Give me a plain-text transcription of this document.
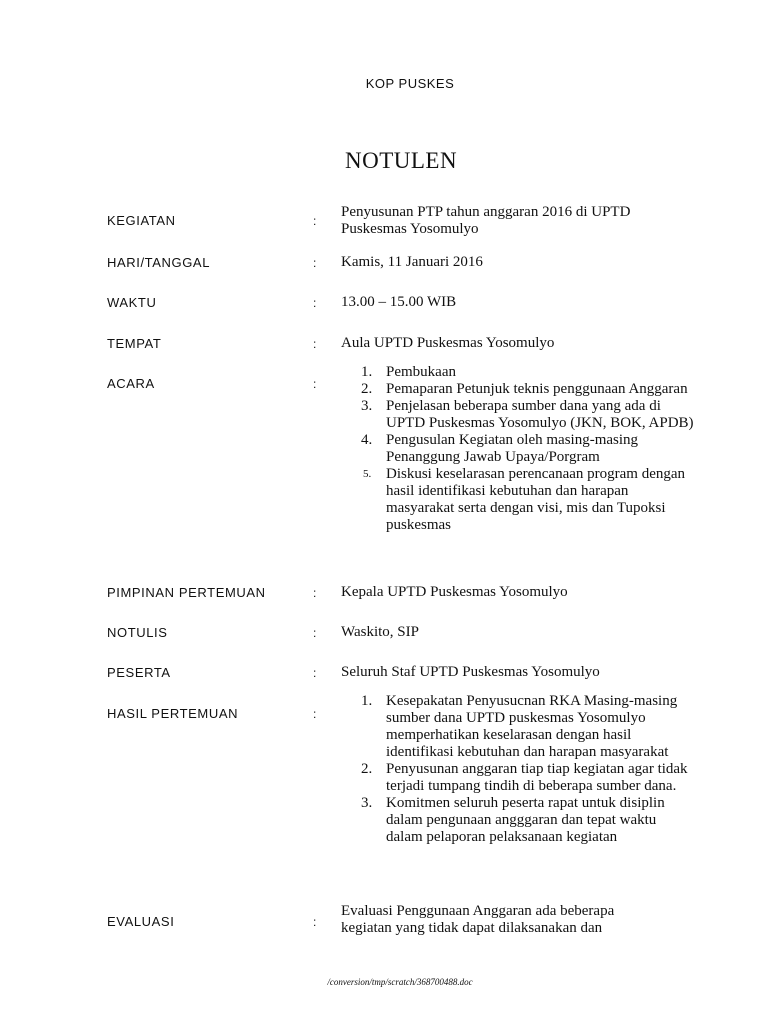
KOP PUSKES
NOTULEN
KEGIATAN	:
Penyusunan PTP tahun anggaran 2016 di UPTD
Puskesmas Yosomulyo
HARI/TANGGAL	: Kamis, 11 Januari 2016
WAKTU	: 13.00 – 15.00 WIB
TEMPAT	: Aula UPTD Puskesmas Yosomulyo
ACARA	:
1. Pembukaan
2. Pemaparan Petunjuk teknis penggunaan Anggaran
3. Penjelasan beberapa sumber dana yang ada di UPTD Puskesmas Yosomulyo (JKN, BOK, APDB)
4. Pengusulan Kegiatan oleh masing-masing Penanggung Jawab Upaya/Porgram
5. Diskusi keselarasan perencanaan program dengan hasil identifikasi kebutuhan dan harapan masyarakat serta dengan visi, mis dan Tupoksi puskesmas
PIMPINAN PERTEMUAN	: Kepala UPTD Puskesmas Yosomulyo
NOTULIS	: Waskito, SIP
PESERTA	: Seluruh Staf UPTD Puskesmas Yosomulyo
HASIL PERTEMUAN	:
1. Kesepakatan Penyusuсnan RKA Masing-masing sumber dana UPTD puskesmas Yosomulyo memperhatikan keselarasan dengan hasil identifikasi kebutuhan dan harapan masyarakat
2. Penyusunan anggaran tiap tiap kegiatan agar tidak terjadi tumpang tindih di beberapa sumber dana.
3. Komitmen seluruh peserta rapat untuk disiplin dalam pengunaan angggaran dan tepat waktu dalam pelaporan pelaksanaan kegiatan
EVALUASI	:
Evaluasi Penggunaan Anggaran ada beberapa
kegiatan yang tidak dapat dilaksanakan dan
/conversion/tmp/scratch/368700488.doc
